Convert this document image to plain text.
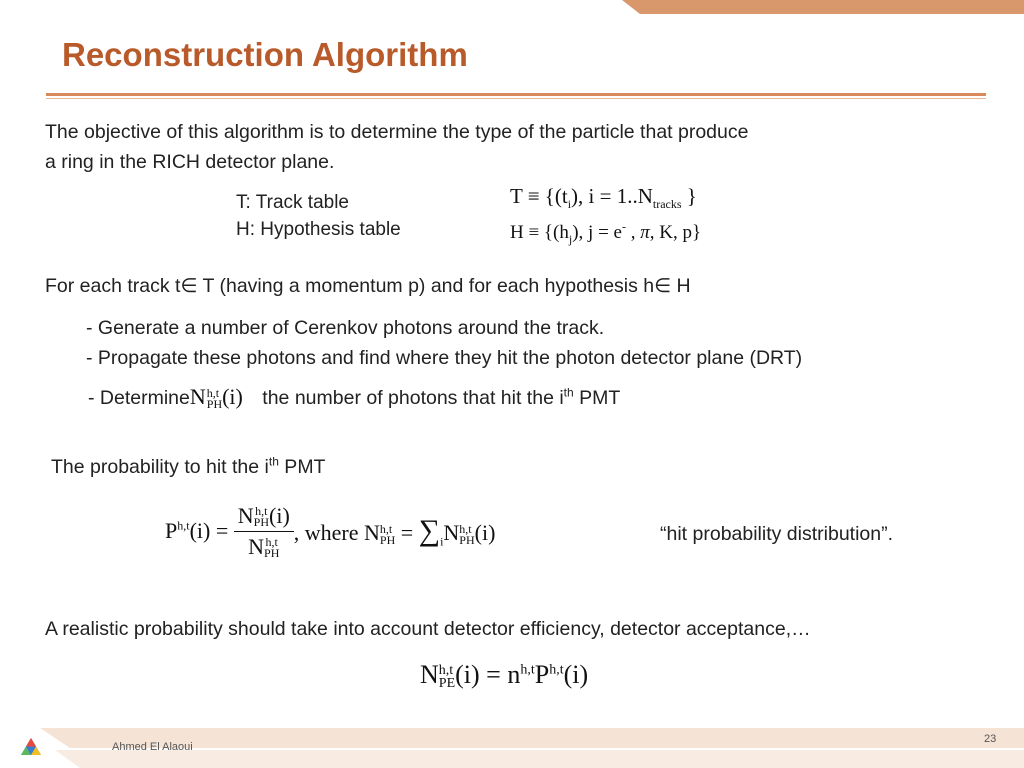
Reconstruction Algorithm
The objective of this algorithm is to determine the type of the particle that produce
a ring in the RICH detector plane.
T: Track table
H: Hypothesis table
$T \equiv \{(t_i)$, $i = 1..N_{tracks}$ }
$H \equiv \{(h_j)$, j = e- , π, K, p}
For each track t∈ T (having a momentum p) and for each hypothesis h∈ H
- Generate a number of Cerenkov photons around the track.
- Propagate these photons and find where they hit the photon detector plane (DRT)
- DetermineN h,t
PH (i) the number of photons that hit the $i^{th}$ PMT
The probability to hit the $i^{th}$ PMT
P$^{h,t}$(i) = N h,t
PH (i)
N h,t
PH , where N h,t
PH = $\sum_iN$ h,t
PH (i)	“hit probability distribution”.
A realistic probability should take into account detector efficiency, detector acceptance,…
N h,t
PE $(i) = n^{h,t}P^{h,t}(i)$
Ahmed El Alaoui
23
